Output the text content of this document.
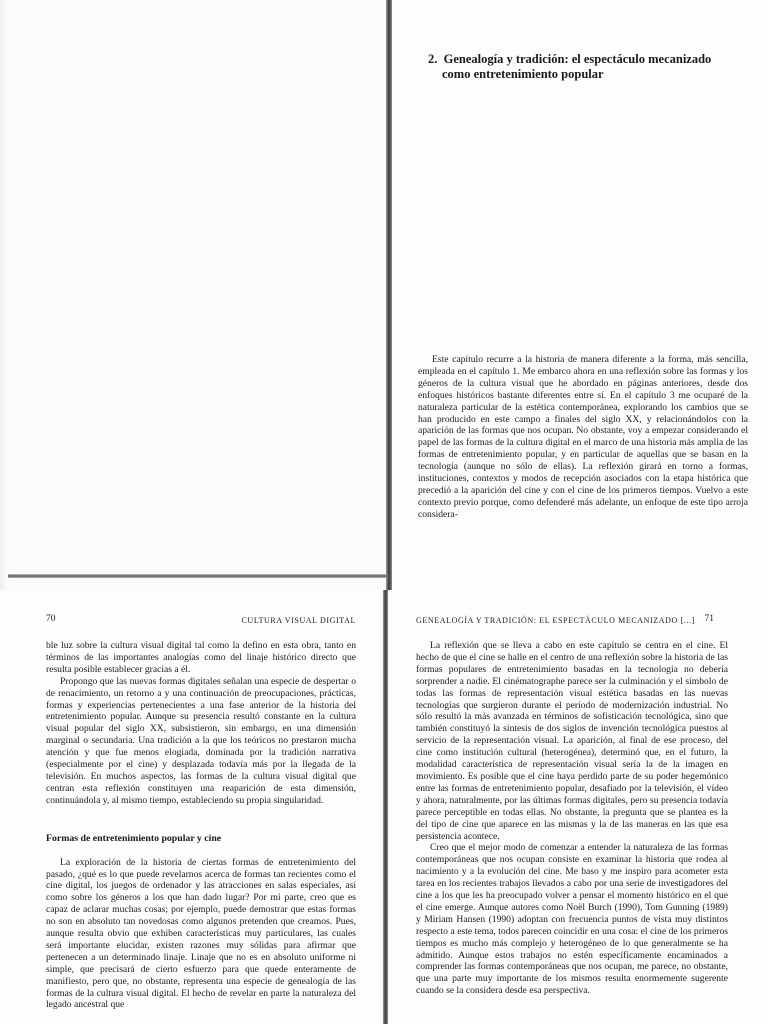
2. Genealogía y tradición: el espectáculo mecanizado
como entretenimiento popular

Este capítulo recurre a la historia de manera diferente a la forma, más sencilla, empleada en el capítulo 1. Me embarco ahora en una reflexión sobre las formas y los géneros de la cultura visual que he abordado en páginas anteriores, desde dos enfoques históricos bastante diferentes entre sí. En el capítulo 3 me ocuparé de la naturaleza particular de la estética contemporánea, explorando los cambios que se han producido en este campo a finales del siglo XX, y relacionándolos con la aparición de las formas que nos ocupan. No obstante, voy a empezar considerando el papel de las formas de la cultura digital en el marco de una historia más amplia de las formas de entretenimiento popular, y en particular de aquellas que se basan en la tecnología (aunque no sólo de ellas). La reflexión girará en torno a formas, instituciones, contextos y modos de recepción asociados con la etapa histórica que precedió a la aparición del cine y con el cine de los primeros tiempos. Vuelvo a este contexto previo porque, como defenderé más adelante, un enfoque de este tipo arroja considera-

70	CULTURA VISUAL DIGITAL

ble luz sobre la cultura visual digital tal como la defino en esta obra, tanto en términos de las importantes analogías como del linaje histórico directo que resulta posible establecer gracias a él.

Propongo que las nuevas formas digitales señalan una especie de despertar o de renacimiento, un retorno a y una continuación de preocupaciones, prácticas, formas y experiencias pertenecientes a una fase anterior de la historia del entretenimiento popular. Aunque su presencia resultó constante en la cultura visual popular del siglo XX, subsistieron, sin embargo, en una dimensión marginal o secundaria. Una tradición a la que los teóricos no prestaron mucha atención y que fue menos elogiada, dominada por la tradición narrativa (especialmente por el cine) y desplazada todavía más por la llegada de la televisión. En muchos aspectos, las formas de la cultura visual digital que centran esta reflexión constituyen una reaparición de esta dimensión, continuándola y, al mismo tiempo, estableciendo su propia singularidad.

Formas de entretenimiento popular y cine

La exploración de la historia de ciertas formas de entretenimiento del pasado, ¿qué es lo que puede revelarnos acerca de formas tan recientes como el cine digital, los juegos de ordenador y las atracciones en salas especiales, así como sobre los géneros a los que han dado lugar? Por mi parte, creo que es capaz de aclarar muchas cosas; por ejemplo, puede demostrar que estas formas no son en absoluto tan novedosas como algunos pretenden que creamos. Pues, aunque resulta obvio que exhiben características muy particulares, las cuales será importante elucidar, existen razones muy sólidas para afirmar que pertenecen a un determinado linaje. Linaje que no es en absoluto uniforme ni simple, que precisará de cierto esfuerzo para que quede enteramente de manifiesto, pero que, no obstante, representa una especie de genealogía de las formas de la cultura visual digital. El hecho de revelar en parte la naturaleza del legado ancestral que

GENEALOGÍA Y TRADICIÓN: EL ESPECTÁCULO MECANIZADO [...] 71

La reflexión que se lleva a cabo en este capítulo se centra en el cine. El hecho de que el cine se halle en el centro de una reflexión sobre la historia de las formas populares de entretenimiento basadas en la tecnología no debería sorprender a nadie. El cinématographe parece ser la culminación y el símbolo de todas las formas de representación visual estética basadas en las nuevas tecnologías que surgieron durante el período de modernización industrial. No sólo resultó la más avanzada en términos de sofisticación tecnológica, sino que también constituyó la síntesis de dos siglos de invención tecnológica puestos al servicio de la representación visual. La aparición, al final de ese proceso, del cine como institución cultural (heterogénea), determinó que, en el futuro, la modalidad característica de representación visual sería la de la imagen en movimiento. Es posible que el cine haya perdido parte de su poder hegemónico entre las formas de entretenimiento popular, desafiado por la televisión, el vídeo y ahora, naturalmente, por las últimas formas digitales, pero su presencia todavía parece perceptible en todas ellas. No obstante, la pregunta que se plantea es la del tipo de cine que aparece en las mismas y la de las maneras en las que esa persistencia acontece.

Creo que el mejor modo de comenzar a entender la naturaleza de las formas contemporáneas que nos ocupan consiste en examinar la historia que rodea al nacimiento y a la evolución del cine. Me baso y me inspiro para acometer esta tarea en los recientes trabajos llevados a cabo por una serie de investigadores del cine a los que les ha preocupado volver a pensar el momento histórico en el que el cine emerge. Aunque autores como Noël Burch (1990), Tom Gunning (1989) y Miriam Hansen (1990) adoptan con frecuencia puntos de vista muy distintos respecto a este tema, todos parecen coincidir en una cosa: el cine de los primeros tiempos es mucho más complejo y heterogéneo de lo que generalmente se ha admitido. Aunque estos trabajos no estén específicamente encaminados a comprender las formas contemporáneas que nos ocupan, me parece, no obstante, que una parte muy importante de los mismos resulta enormemente sugerente cuando se la considera desde esa perspectiva.
